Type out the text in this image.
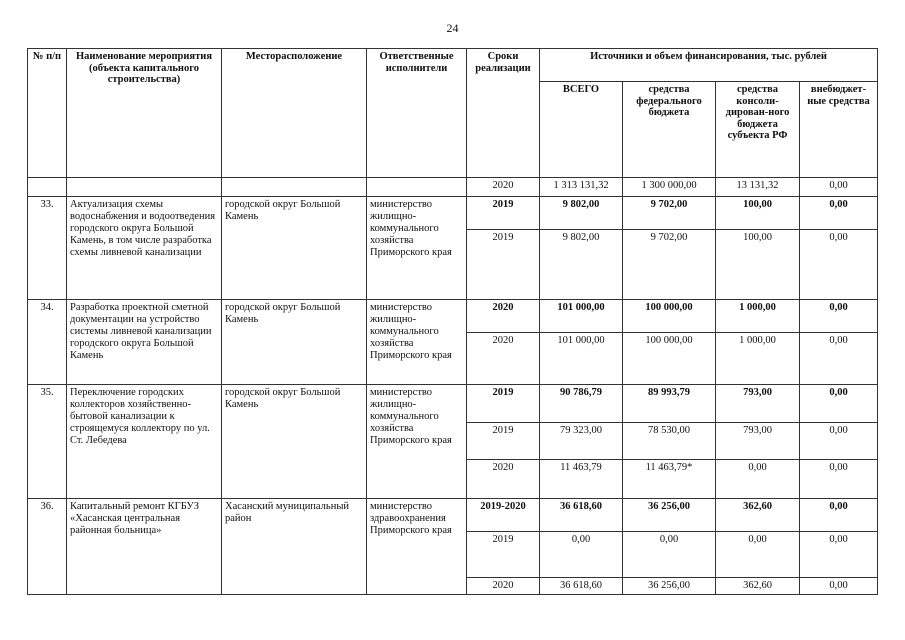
24
№ п/п	Наименование мероприятия (объекта капитального строительства)	Месторасположение	Ответственные исполнители	Сроки реализации	Источники и объем финансирования, тыс. рублей			
					ВСЕГО	средства федерального бюджета	средства консоли-дирован-ного бюджета субъекта РФ	внебюджет-ные средства
				2020	1 313 131,32	1 300 000,00	13 131,32	0,00
33.	Актуализация схемы водоснабжения и водоотведения городского округа Большой Камень, в том числе разработка схемы ливневой канализации	городской округ Большой Камень	министерство жилищно-коммунального хозяйства Приморского края	2019	9 802,00	9 702,00	100,00	0,00
				2019	9 802,00	9 702,00	100,00	0,00
34.	Разработка проектной сметной документации на устройство системы ливневой канализации городского округа Большой Камень	городской округ Большой Камень	министерство жилищно-коммунального хозяйства Приморского края	2020	101 000,00	100 000,00	1 000,00	0,00
				2020	101 000,00	100 000,00	1 000,00	0,00
35.	Переключение городских коллекторов хозяйственно-бытовой канализации к строящемуся коллектору по ул. Ст. Лебедева	городской округ Большой Камень	министерство жилищно-коммунального хозяйства Приморского края	2019	90 786,79	89 993,79	793,00	0,00
				2019	79 323,00	78 530,00	793,00	0,00
				2020	11 463,79	11 463,79*	0,00	0,00
36.	Капитальный ремонт КГБУЗ «Хасанская центральная районная больница»	Хасанский муниципальный район	министерство здравоохранения Приморского края	2019-2020	36 618,60	36 256,00	362,60	0,00
				2019	0,00	0,00	0,00	0,00
				2020	36 618,60	36 256,00	362,60	0,00
